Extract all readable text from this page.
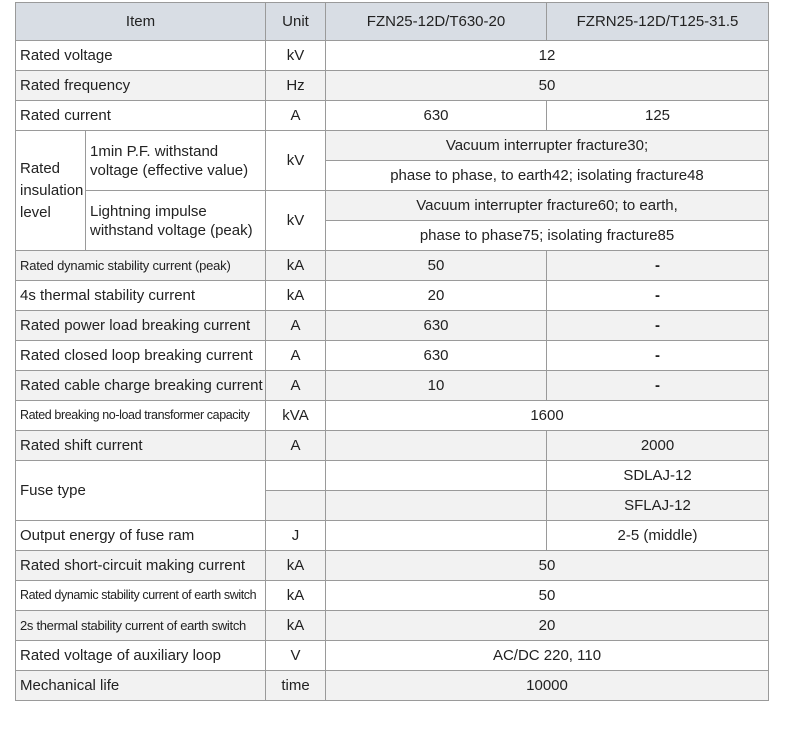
Item		Unit	FZN25-12D/T630-20	FZRN25-12D/T125-31.5
Rated voltage		kV	12	
Rated frequency		Hz	50	
Rated current		A	630	125
Rated insulation level	1min P.F. withstand voltage (effective value)	kV	Vacuum interrupter fracture30;	
			phase to phase, to earth42; isolating fracture48	
	Lightning impulse withstand voltage (peak)	kV	Vacuum interrupter fracture60; to earth,	
			phase to phase75; isolating fracture85	
Rated dynamic stability current (peak)		kA	50	-
4s thermal stability current		kA	20	-
Rated power load breaking current		A	630	-
Rated closed loop breaking current		A	630	-
Rated cable charge breaking current		A	10	-
Rated breaking no-load transformer capacity		kVA	1600	
Rated shift current		A		2000
Fuse type				SDLAJ-12
				SFLAJ-12
Output energy of fuse ram		J		2-5 (middle)
Rated short-circuit making current		kA	50	
Rated dynamic stability current of earth switch		kA	50	
2s thermal stability current of earth switch		kA	20	
Rated voltage of auxiliary loop		V	AC/DC 220, 110	
Mechanical life		time	10000	
